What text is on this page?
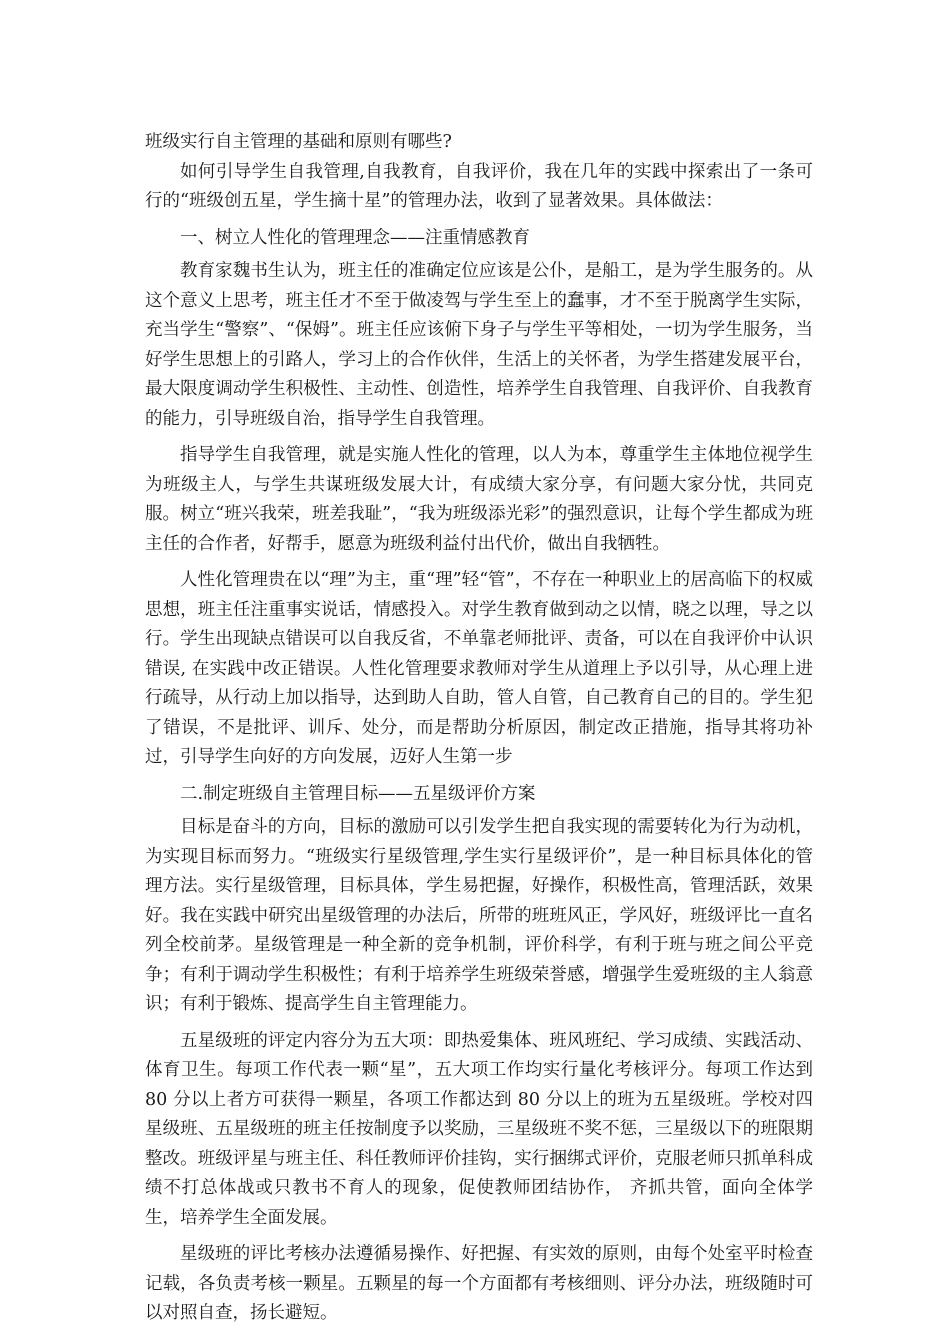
班级实行自主管理的基础和原则有哪些?

如何引导学生自我管理,自我教育，自我评价，我在几年的实践中探索出了一条可行的“班级创五星，学生摘十星”的管理办法，收到了显著效果。具体做法：

一、树立人性化的管理理念——注重情感教育

教育家魏书生认为，班主任的准确定位应该是公仆，是船工，是为学生服务的。从这个意义上思考，班主任才不至于做凌驾与学生至上的蠢事，才不至于脱离学生实际，充当学生“警察”、“保姆”。班主任应该俯下身子与学生平等相处，一切为学生服务，当好学生思想上的引路人，学习上的合作伙伴，生活上的关怀者，为学生搭建发展平台，最大限度调动学生积极性、主动性、创造性，培养学生自我管理、自我评价、自我教育的能力，引导班级自治，指导学生自我管理。

指导学生自我管理，就是实施人性化的管理，以人为本，尊重学生主体地位视学生为班级主人，与学生共谋班级发展大计，有成绩大家分享，有问题大家分忧，共同克服。树立“班兴我荣，班差我耻”，“我为班级添光彩”的强烈意识，让每个学生都成为班主任的合作者，好帮手，愿意为班级利益付出代价，做出自我牺牲。

人性化管理贵在以“理”为主，重“理”轻“管”，不存在一种职业上的居高临下的权威思想，班主任注重事实说话，情感投入。对学生教育做到动之以情，晓之以理，导之以行。学生出现缺点错误可以自我反省，不单靠老师批评、责备，可以在自我评价中认识错误, 在实践中改正错误。人性化管理要求教师对学生从道理上予以引导，从心理上进行疏导，从行动上加以指导，达到助人自助，管人自管，自己教育自己的目的。学生犯了错误，不是批评、训斥、处分，而是帮助分析原因，制定改正措施，指导其将功补过，引导学生向好的方向发展，迈好人生第一步

二.制定班级自主管理目标——五星级评价方案

目标是奋斗的方向，目标的激励可以引发学生把自我实现的需要转化为行为动机，为实现目标而努力。“班级实行星级管理,学生实行星级评价”，是一种目标具体化的管理方法。实行星级管理，目标具体，学生易把握，好操作，积极性高，管理活跃，效果好。我在实践中研究出星级管理的办法后，所带的班班风正，学风好，班级评比一直名列全校前茅。星级管理是一种全新的竞争机制，评价科学，有利于班与班之间公平竞争；有利于调动学生积极性；有利于培养学生班级荣誉感，增强学生爱班级的主人翁意识；有利于锻炼、提高学生自主管理能力。

五星级班的评定内容分为五大项：即热爱集体、班风班纪、学习成绩、实践活动、体育卫生。每项工作代表一颗“星”，五大项工作均实行量化考核评分。每项工作达到 80 分以上者方可获得一颗星，各项工作都达到 80 分以上的班为五星级班。学校对四星级班、五星级班的班主任按制度予以奖励，三星级班不奖不惩，三星级以下的班限期整改。班级评星与班主任、科任教师评价挂钩，实行捆绑式评价，克服老师只抓单科成绩不打总体战或只教书不育人的现象，促使教师团结协作， 齐抓共管，面向全体学生，培养学生全面发展。

星级班的评比考核办法遵循易操作、好把握、有实效的原则，由每个处室平时检查记载，各负责考核一颗星。五颗星的每一个方面都有考核细则、评分办法，班级随时可以对照自查，扬长避短。
